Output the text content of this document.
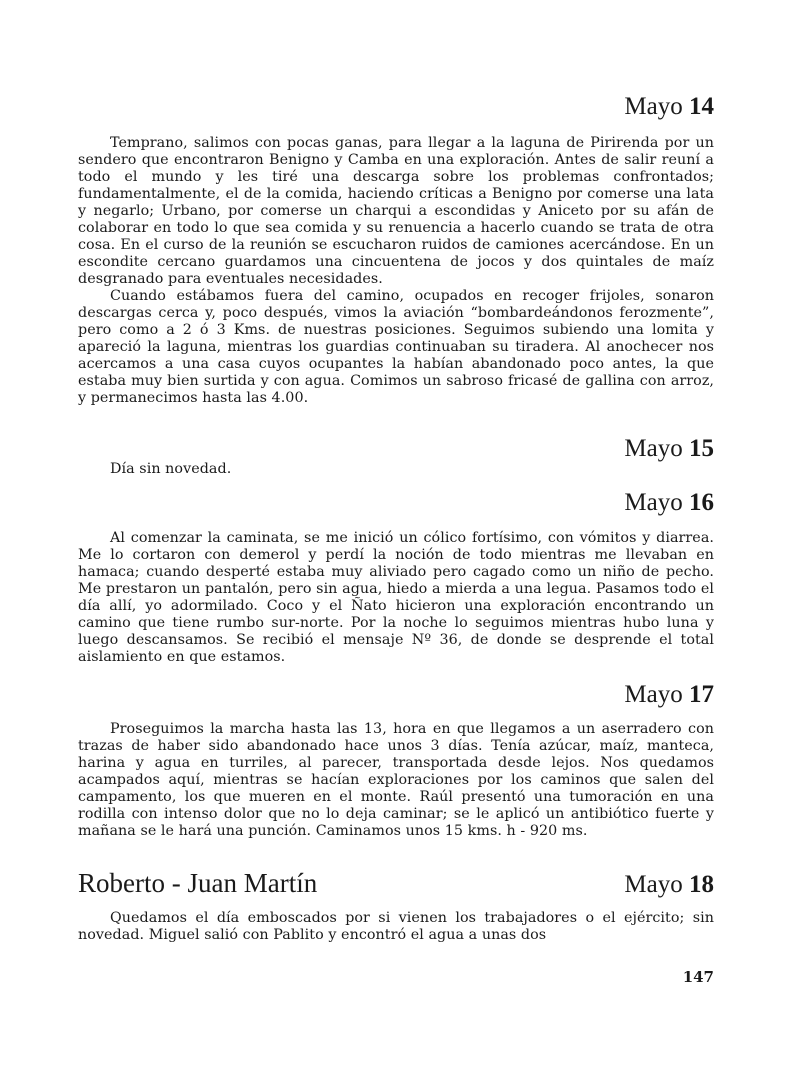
Mayo 14

Temprano, salimos con pocas ganas, para llegar a la laguna de Pirirenda por un sendero que encontraron Benigno y Camba en una exploración. Antes de salir reuní a todo el mundo y les tiré una descarga sobre los problemas confrontados; fundamentalmente, el de la comida, haciendo críticas a Benigno por comerse una lata y negarlo; Urbano, por comerse un charqui a escondidas y Aniceto por su afán de colaborar en todo lo que sea comida y su renuencia a hacerlo cuando se trata de otra cosa. En el curso de la reunión se escucharon ruidos de camiones acercándose. En un escondite cercano guardamos una cincuentena de jocos y dos quintales de maíz desgranado para eventuales necesidades.

Cuando estábamos fuera del camino, ocupados en recoger frijoles, sonaron descargas cerca y, poco después, vimos la aviación “bombardeándonos ferozmente”, pero como a 2 ó 3 Kms. de nuestras posiciones. Seguimos subiendo una lomita y apareció la laguna, mientras los guardias continuaban su tiradera. Al anochecer nos acercamos a una casa cuyos ocupantes la habían abandonado poco antes, la que estaba muy bien surtida y con agua. Comimos un sabroso fricasé de gallina con arroz, y permanecimos hasta las 4.00.

Mayo 15

Día sin novedad.

Mayo 16

Al comenzar la caminata, se me inició un cólico fortísimo, con vómitos y diarrea. Me lo cortaron con demerol y perdí la noción de todo mientras me llevaban en hamaca; cuando desperté estaba muy aliviado pero cagado como un niño de pecho. Me prestaron un pantalón, pero sin agua, hiedo a mierda a una legua. Pasamos todo el día allí, yo adormilado. Coco y el Ñato hicieron una exploración encontrando un camino que tiene rumbo sur-norte. Por la noche lo seguimos mientras hubo luna y luego descansamos. Se recibió el mensaje Nº 36, de donde se desprende el total aislamiento en que estamos.

Mayo 17

Proseguimos la marcha hasta las 13, hora en que llegamos a un aserradero con trazas de haber sido abandonado hace unos 3 días. Tenía azúcar, maíz, manteca, harina y agua en turriles, al parecer, transportada desde lejos. Nos quedamos acampados aquí, mientras se hacían exploraciones por los caminos que salen del campamento, los que mueren en el monte. Raúl presentó una tumoración en una rodilla con intenso dolor que no lo deja caminar; se le aplicó un antibiótico fuerte y mañana se le hará una punción. Caminamos unos 15 kms. h - 920 ms.

Roberto - Juan Martín	Mayo 18

Quedamos el día emboscados por si vienen los trabajadores o el ejército; sin novedad. Miguel salió con Pablito y encontró el agua a unas dos

147
